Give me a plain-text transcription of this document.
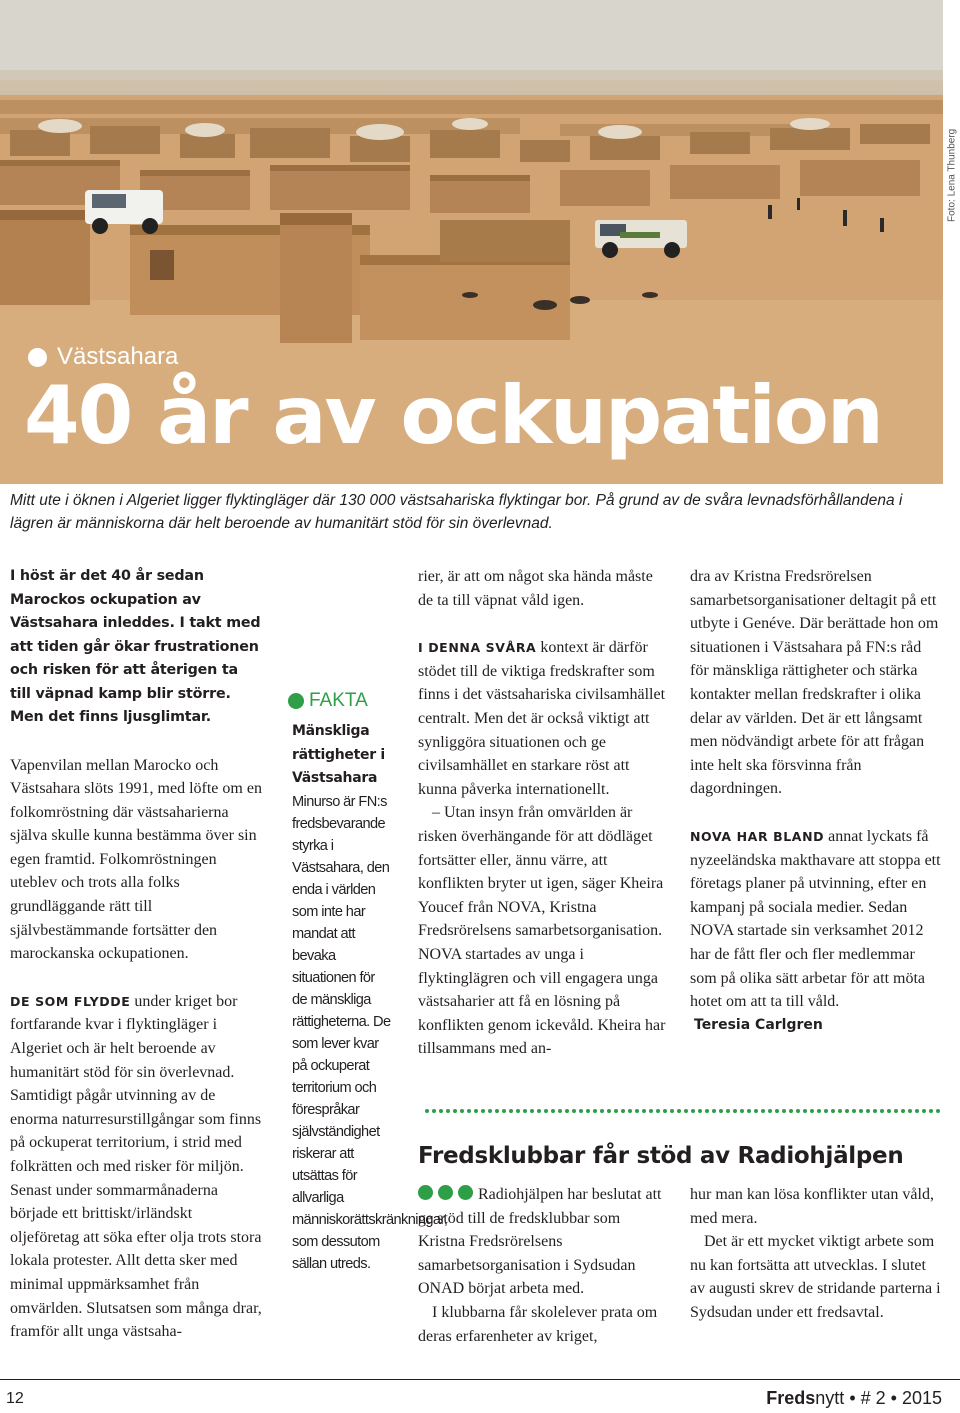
Västsahara
40 år av ockupation
Foto: Lena Thunberg
Mitt ute i öknen i Algeriet ligger flyktingläger där 130 000 västsahariska flyktingar bor. På grund av de svåra levnadsförhållandena i lägren är människorna där helt beroende av humanitärt stöd för sin överlevnad.

I höst är det 40 år sedan Marockos ockupation av Västsahara inleddes. I takt med att tiden går ökar frustrationen och risken för att återigen ta till väpnad kamp blir större. Men det finns ljusglimtar.

Vapenvilan mellan Marocko och Västsahara slöts 1991, med löfte om en folkomröstning där västsaharierna själva skulle kunna bestämma över sin egen framtid. Folkomröstningen uteblev och trots alla folks grundläggande rätt till självbestämmande fortsätter den marockanska ockupationen.

DE SOM FLYDDE under kriget bor fortfarande kvar i flyktingläger i Algeriet och är helt beroende av humanitärt stöd för sin överlevnad. Samtidigt pågår utvinning av de enorma naturresurstillgångar som finns på ockuperat territorium, i strid med folkrätten och med risker för miljön. Senast under sommarmånaderna började ett brittiskt/irländskt oljeföretag att söka efter olja trots stora lokala protester. Allt detta sker med minimal uppmärksamhet från omvärlden. Slutsatsen som många drar, framför allt unga västsaha-

FAKTA
Mänskliga rättigheter i Västsahara
Minurso är FN:s fredsbevarande styrka i Västsahara, den enda i världen som inte har mandat att bevaka situationen för de mänskliga rättigheterna. De som lever kvar på ockuperat territorium och förespråkar självständighet riskerar att utsättas för allvarliga människorättskränkningar, som dessutom sällan utreds.

rier, är att om något ska hända måste de ta till väpnat våld igen.

I DENNA SVÅRA kontext är därför stödet till de viktiga fredskrafter som finns i det västsahariska civilsamhället centralt. Men det är också viktigt att synliggöra situationen och ge civilsamhället en starkare röst att kunna påverka internationellt.

– Utan insyn från omvärlden är risken överhängande för att dödläget fortsätter eller, ännu värre, att konflikten bryter ut igen, säger Kheira Youcef från NOVA, Kristna Fredsrörelsens samarbetsorganisation. NOVA startades av unga i flyktinglägren och vill engagera unga västsaharier att få en lösning på konflikten genom ickevåld. Kheira har tillsammans med an-

dra av Kristna Fredsrörelsen samarbetsorganisationer deltagit på ett utbyte i Genéve. Där berättade hon om situationen i Västsahara på FN:s råd för mänskliga rättigheter och stärka kontakter mellan fredskrafter i olika delar av världen. Det är ett långsamt men nödvändigt arbete för att frågan inte helt ska försvinna från dagordningen.

NOVA HAR BLAND annat lyckats få nyzeeländska makthavare att stoppa ett företags planer på utvinning, efter en kampanj på sociala medier. Sedan NOVA startade sin verksamhet 2012 har de fått fler och fler medlemmar som på olika sätt arbetar för att möta hotet om att ta till våld.

Teresia Carlgren

Fredsklubbar får stöd av Radiohjälpen

Radiohjälpen har beslutat att ge stöd till de fredsklubbar som Kristna Fredsrörelsens samarbetsorganisation i Sydsudan ONAD börjat arbeta med.

I klubbarna får skolelever prata om deras erfarenheter av kriget,

hur man kan lösa konflikter utan våld, med mera.

Det är ett mycket viktigt arbete som nu kan fortsätta att utvecklas. I slutet av augusti skrev de stridande parterna i Sydsudan under ett fredsavtal.

12	Fredsnytt • # 2 • 2015
